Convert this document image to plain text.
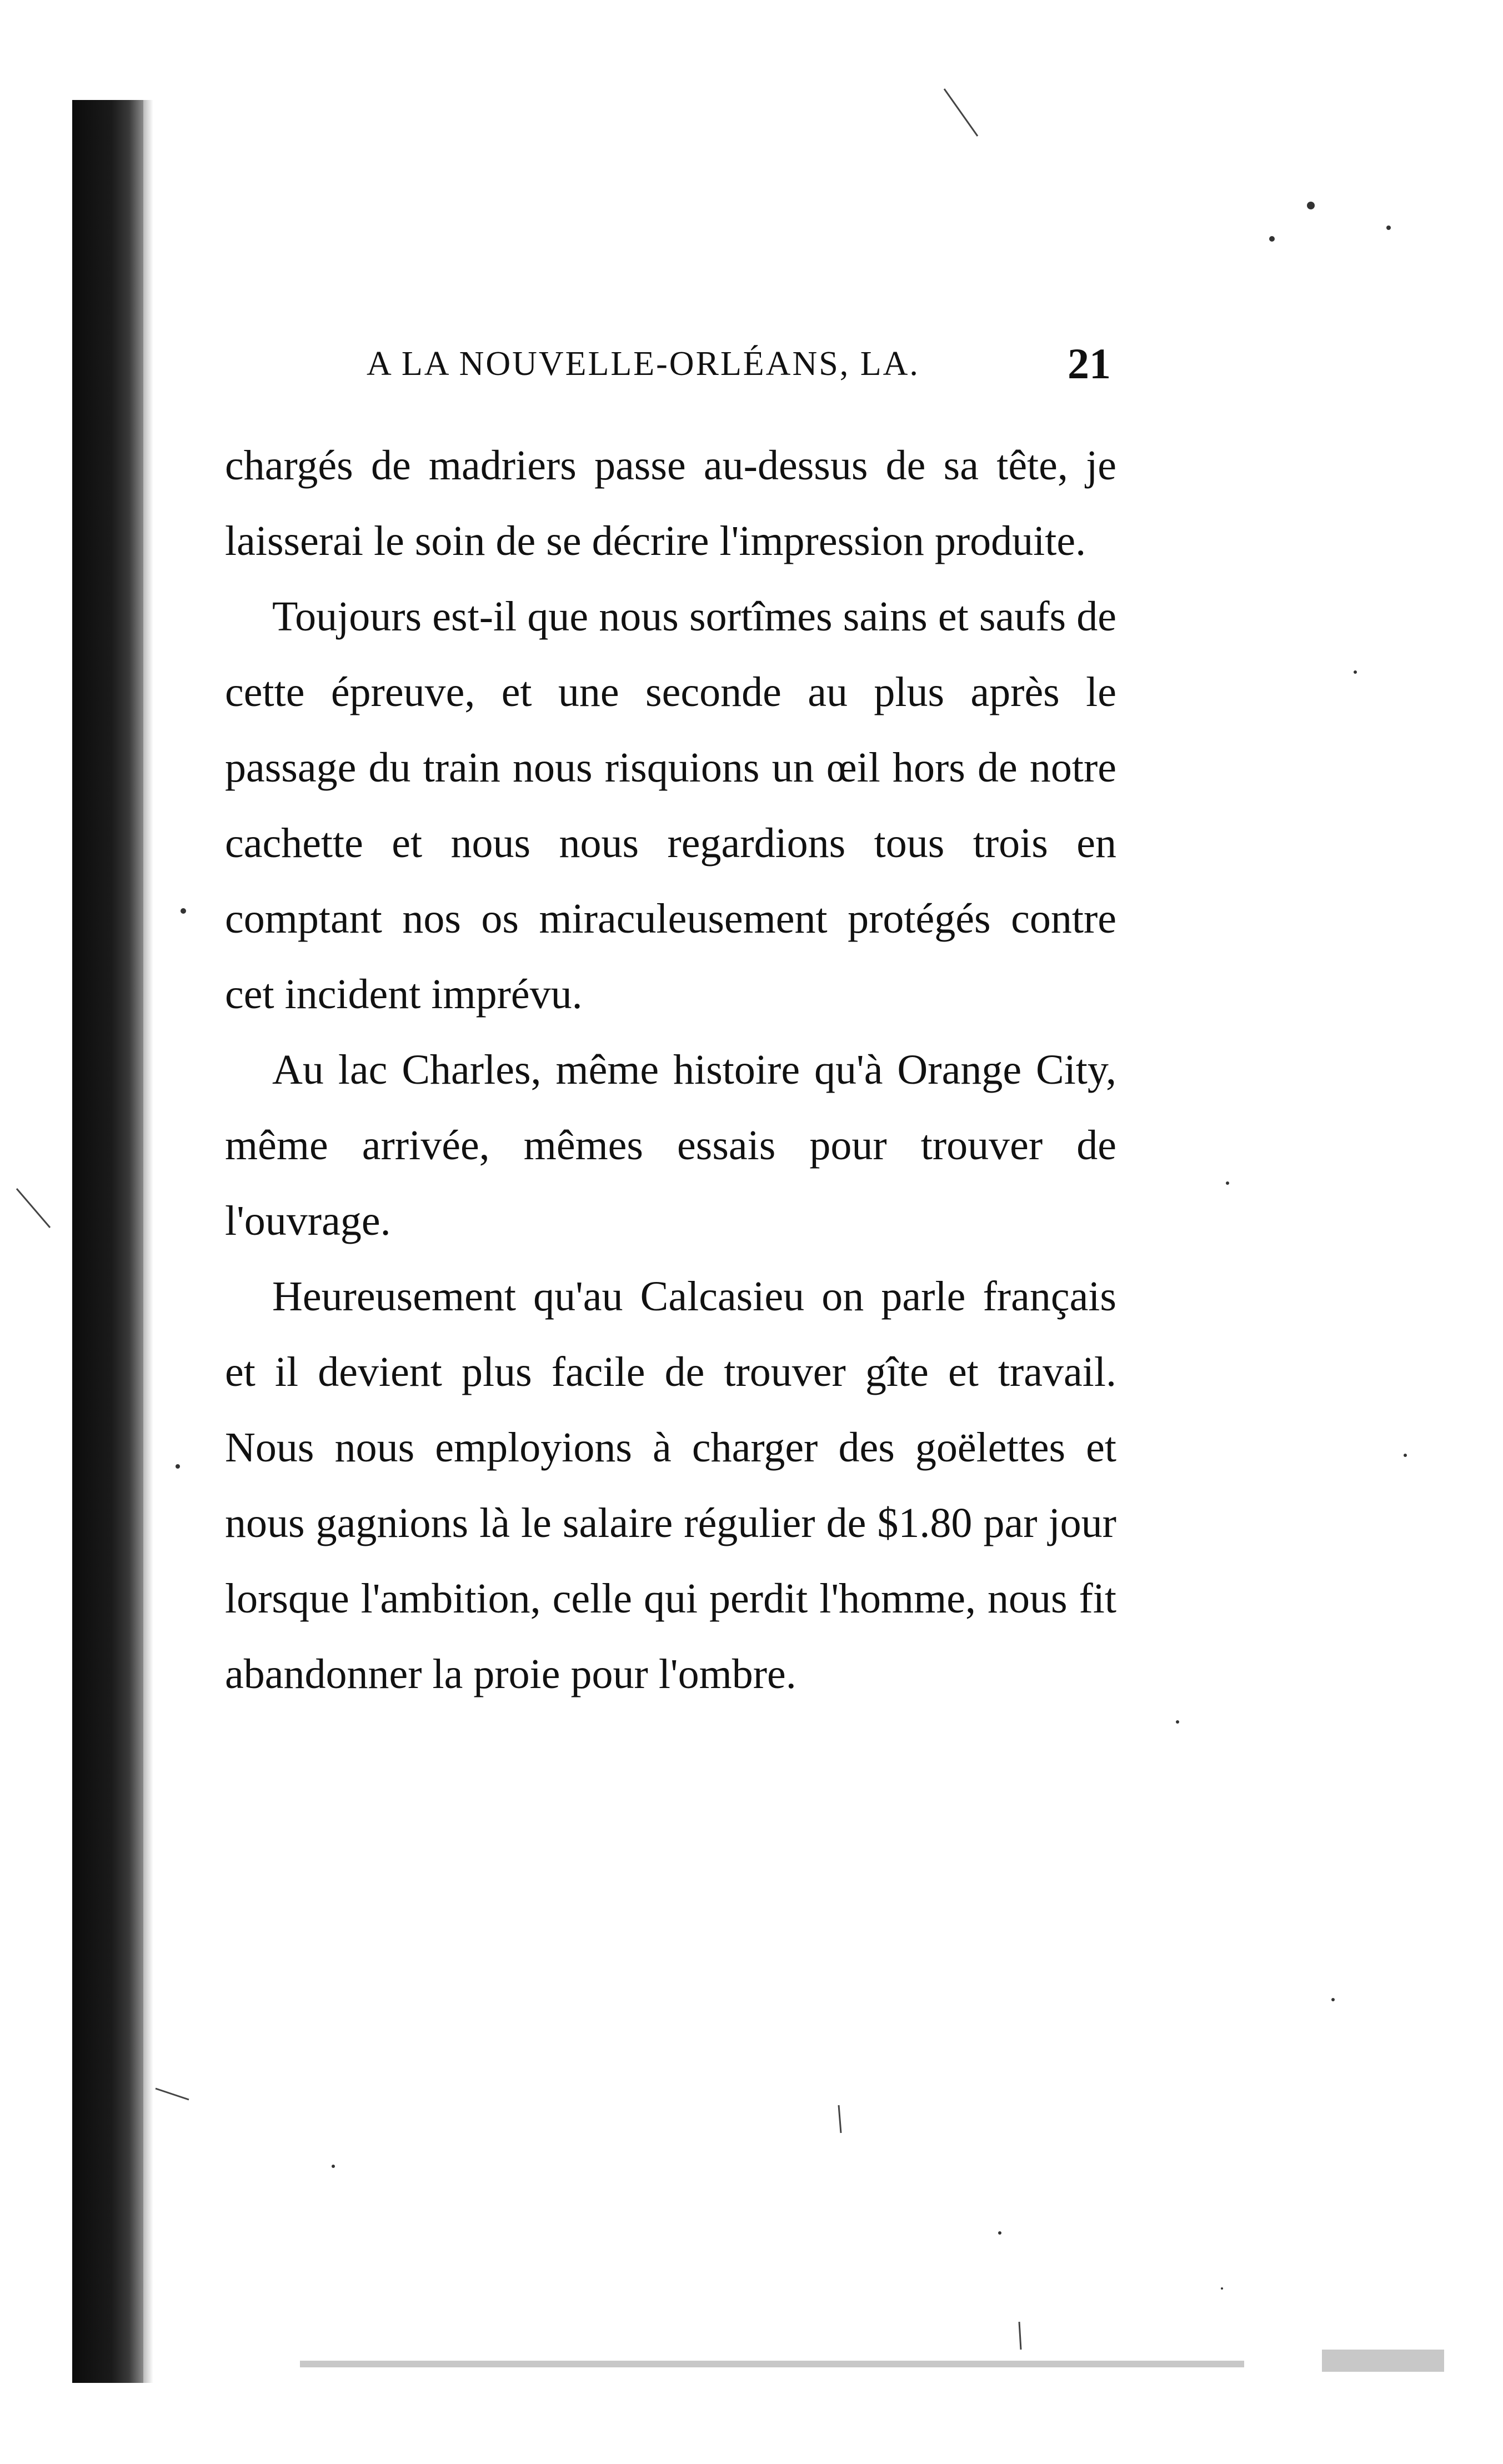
A LA NOUVELLE-ORLÉANS, LA.	21

chargés de madriers passe au-dessus de sa tête, je laisserai le soin de se décrire l'impression produite.

Toujours est-il que nous sortîmes sains et saufs de cette épreuve, et une seconde au plus après le passage du train nous risquions un œil hors de notre cachette et nous nous regardions tous trois en comptant nos os miraculeusement protégés contre cet incident imprévu.

Au lac Charles, même histoire qu'à Orange City, même arrivée, mêmes essais pour trouver de l'ouvrage.

Heureusement qu'au Calcasieu on parle français et il devient plus facile de trouver gîte et travail. Nous nous employions à charger des goëlettes et nous gagnions là le salaire régulier de $1.80 par jour lorsque l'ambition, celle qui perdit l'homme, nous fit abandonner la proie pour l'ombre.
